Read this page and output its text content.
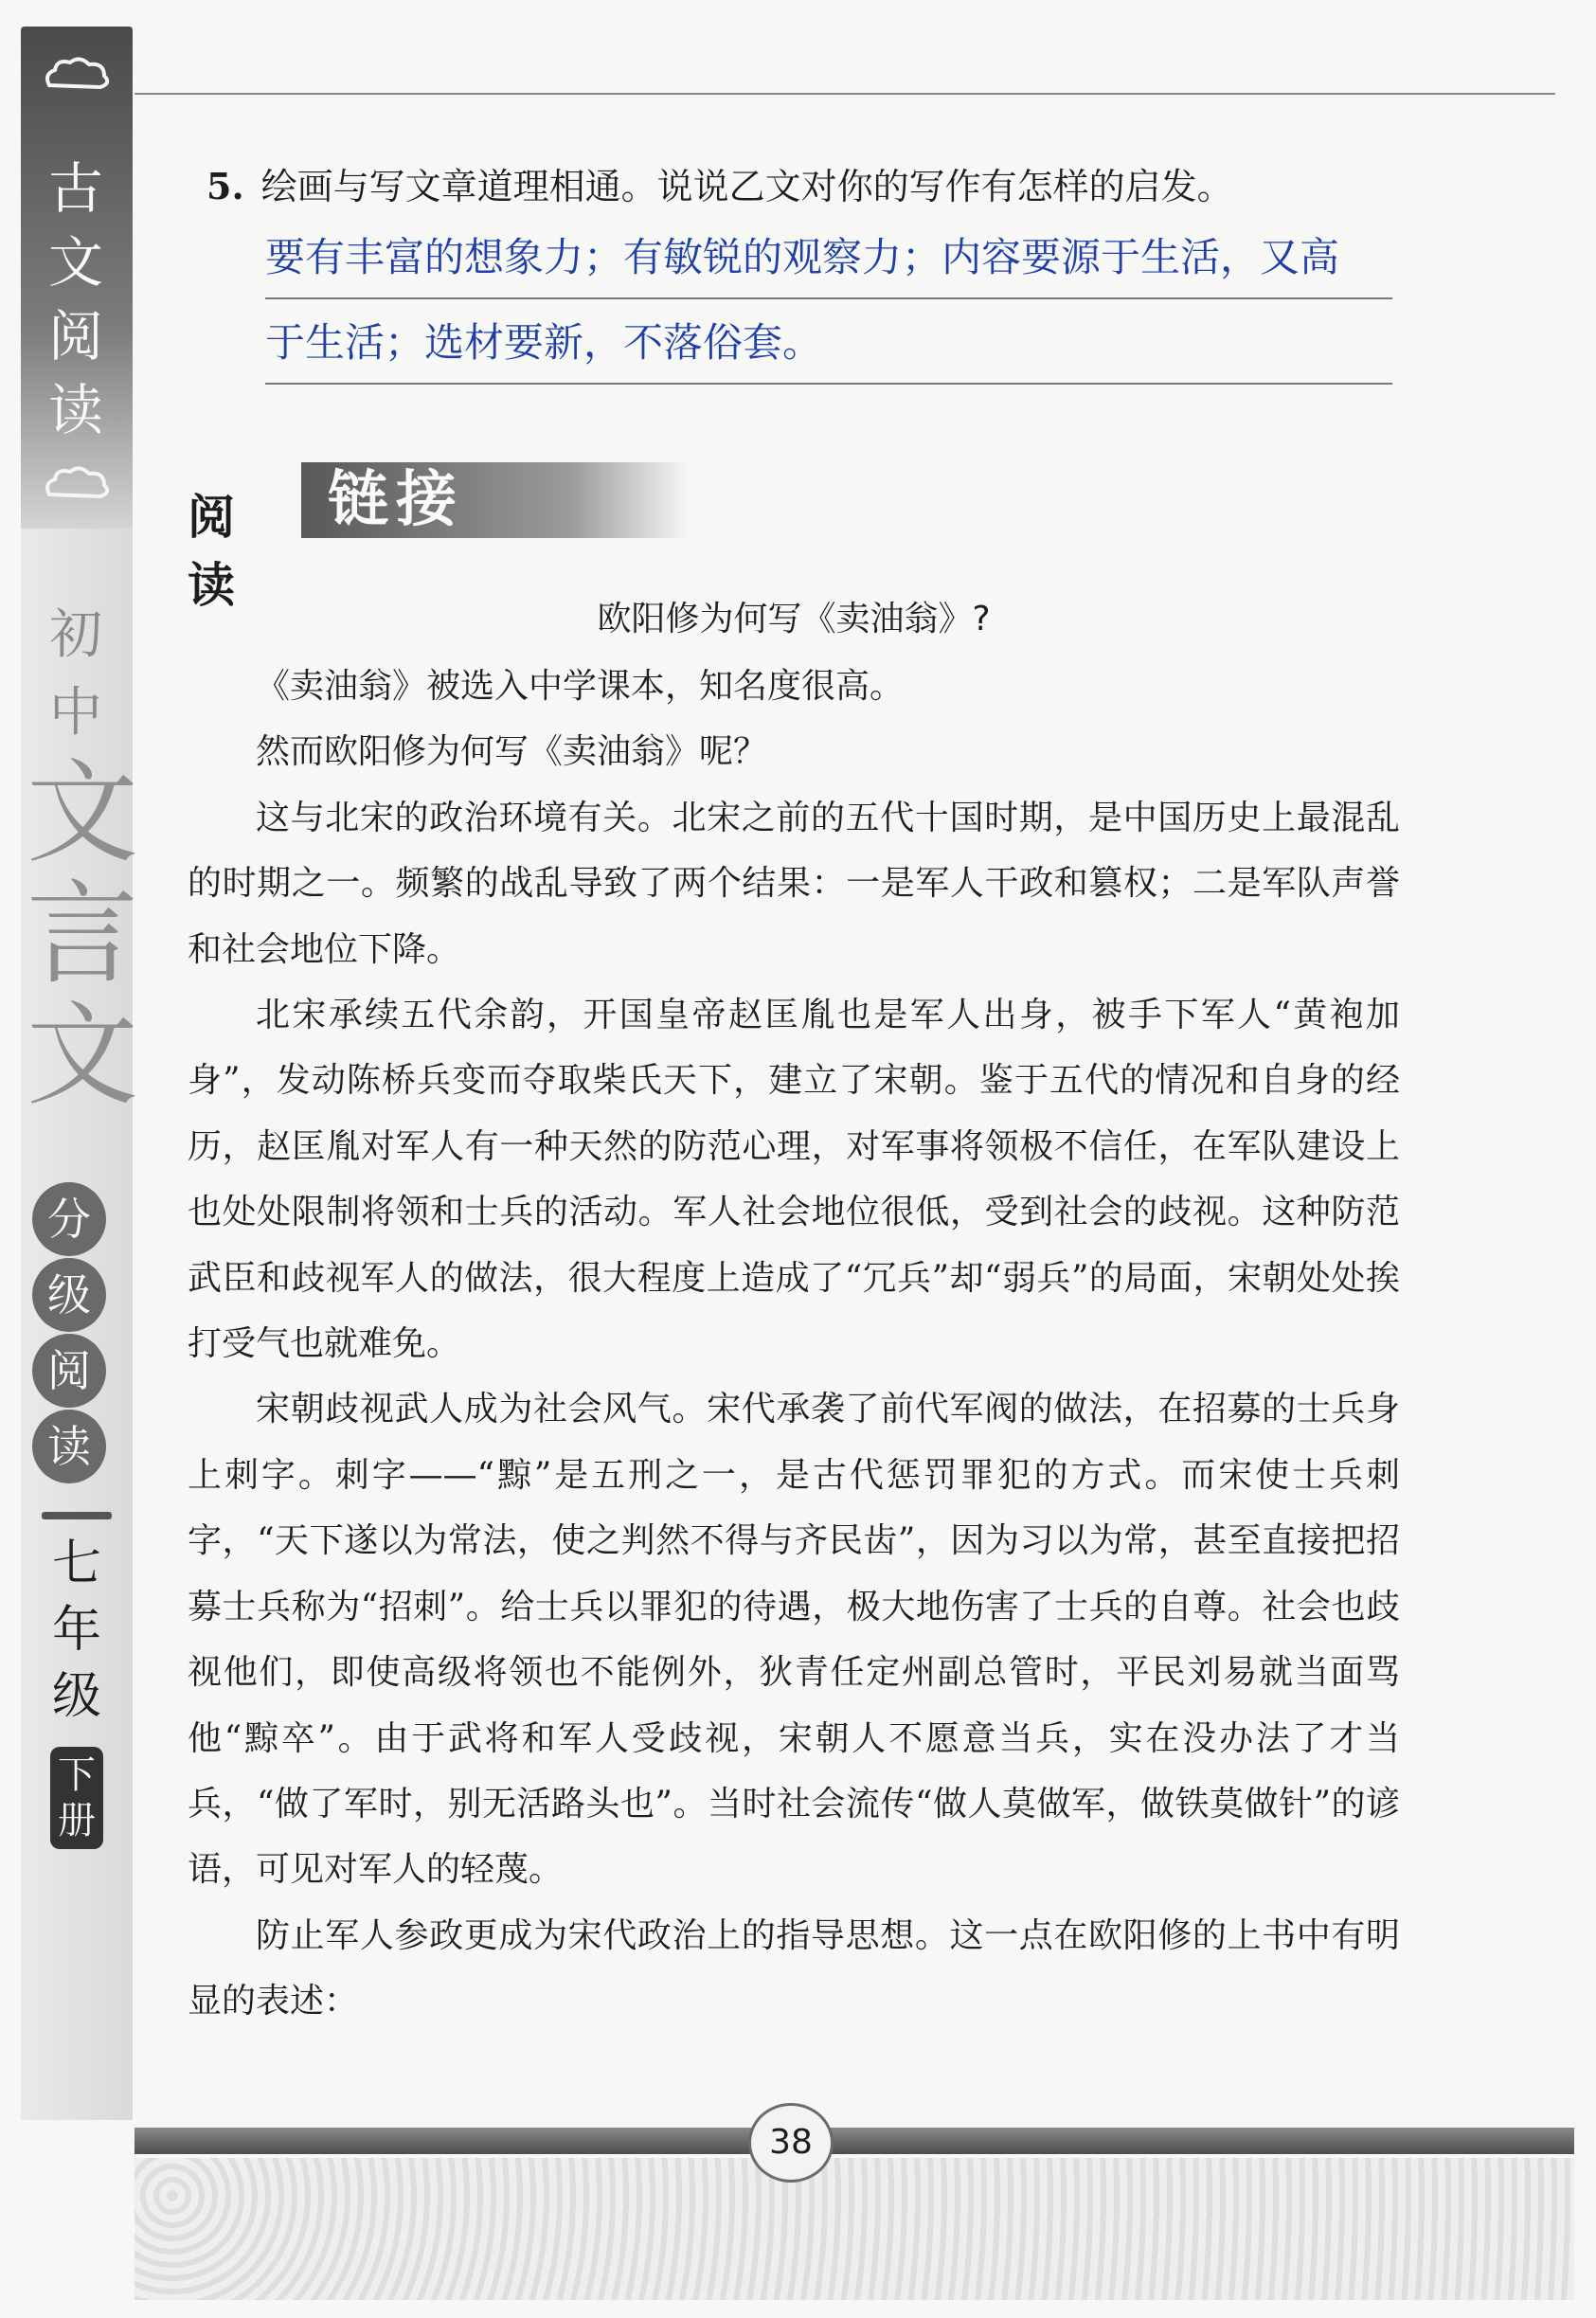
古
文
阅
读
初
中
文
言
文
分
级
阅
读
七
年
级
下册
5. 绘画与写文章道理相通。说说乙文对你的写作有怎样的启发。

要有丰富的想象力；有敏锐的观察力；内容要源于生活，又高

于生活；选材要新，不落俗套。

阅 读
链接
欧阳修为何写《卖油翁》?

《卖油翁》被选入中学课本，知名度很高。

然而欧阳修为何写《卖油翁》呢？

这与北宋的政治环境有关。北宋之前的五代十国时期，是中国历史上最混乱的时期之一。频繁的战乱导致了两个结果：一是军人干政和篡权；二是军队声誉和社会地位下降。

北宋承续五代余韵，开国皇帝赵匡胤也是军人出身，被手下军人“黄袍加身”，发动陈桥兵变而夺取柴氏天下，建立了宋朝。鉴于五代的情况和自身的经历，赵匡胤对军人有一种天然的防范心理，对军事将领极不信任，在军队建设上也处处限制将领和士兵的活动。军人社会地位很低，受到社会的歧视。这种防范武臣和歧视军人的做法，很大程度上造成了“冗兵”却“弱兵”的局面，宋朝处处挨打受气也就难免。

宋朝歧视武人成为社会风气。宋代承袭了前代军阀的做法，在招募的士兵身上刺字。刺字——“黥”是五刑之一，是古代惩罚罪犯的方式。而宋使士兵刺字，“天下遂以为常法，使之判然不得与齐民齿”，因为习以为常，甚至直接把招募士兵称为“招刺”。给士兵以罪犯的待遇，极大地伤害了士兵的自尊。社会也歧视他们，即使高级将领也不能例外，狄青任定州副总管时，平民刘易就当面骂他“黥卒”。由于武将和军人受歧视，宋朝人不愿意当兵，实在没办法了才当兵，“做了军时，别无活路头也”。当时社会流传“做人莫做军，做铁莫做针”的谚语，可见对军人的轻蔑。

防止军人参政更成为宋代政治上的指导思想。这一点在欧阳修的上书中有明显的表述：

38
